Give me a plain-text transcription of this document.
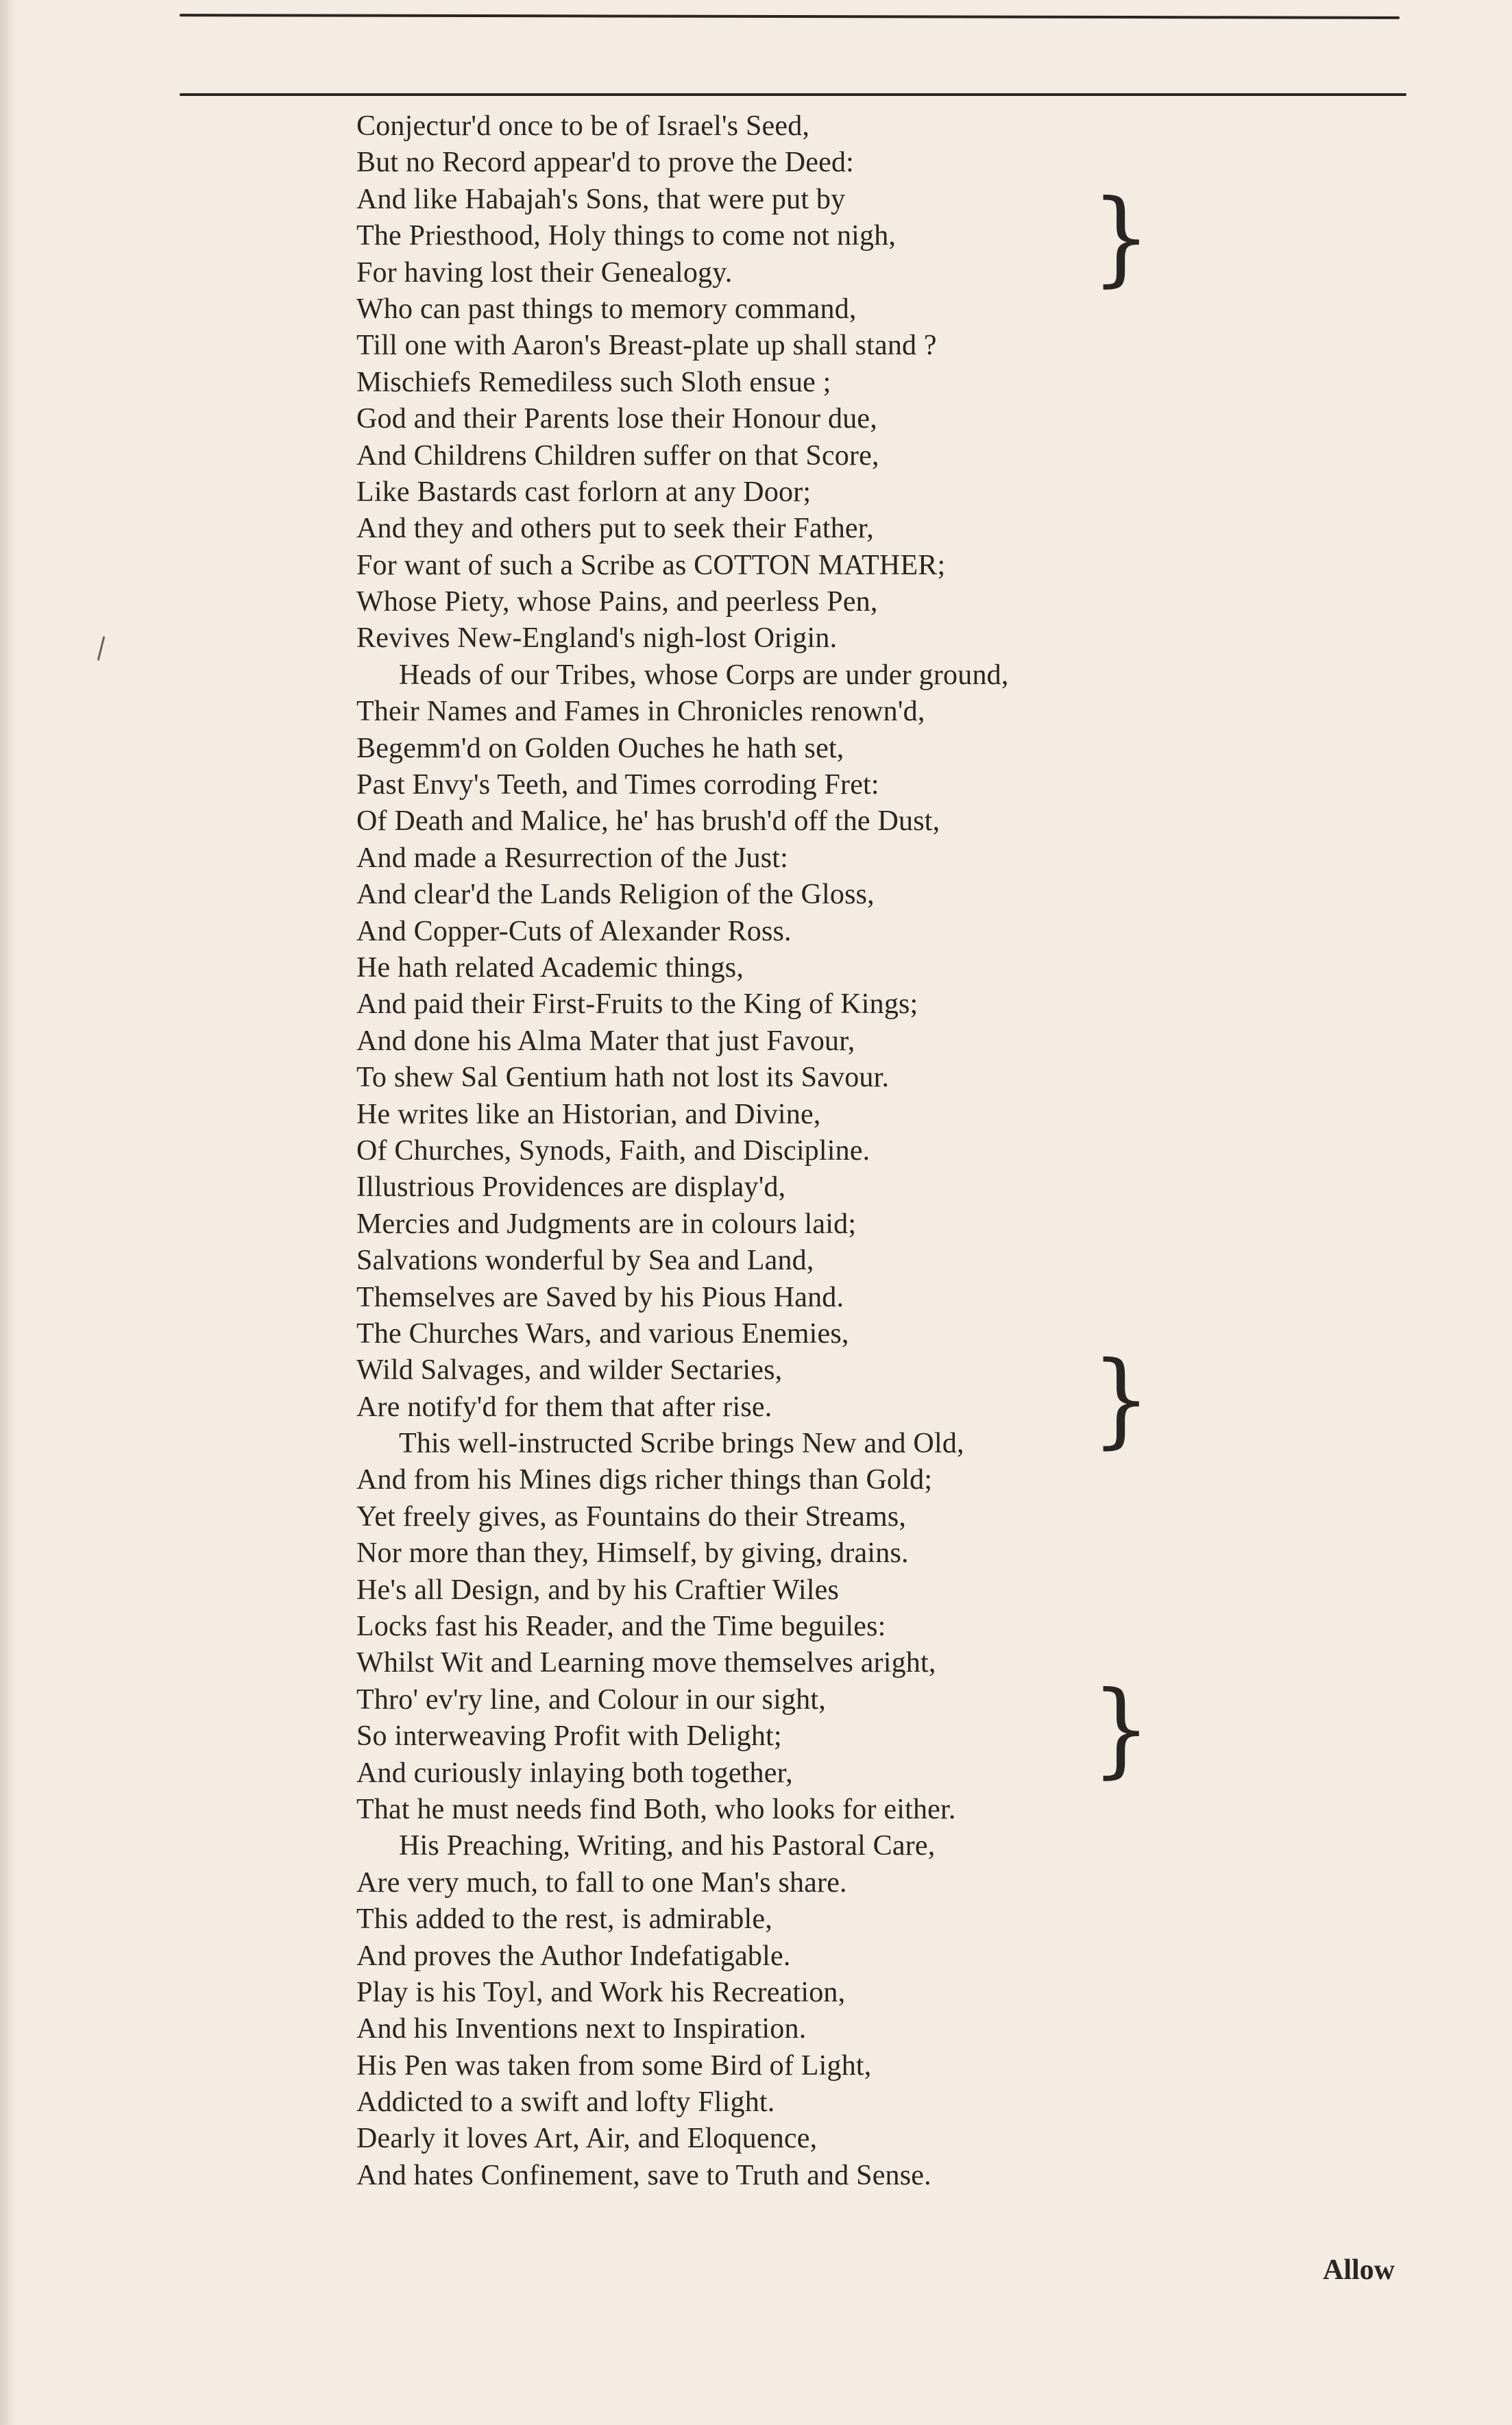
Conjectur'd once to be of Israel's Seed,
But no Record appear'd to prove the Deed:
And like Habajah's Sons, that were put by
The Priesthood, Holy things to come not nigh,
For having lost their Genealogy.
Who can past things to memory command,
Till one with Aaron's Breast-plate up shall stand ?
Mischiefs Remediless such Sloth ensue ;
God and their Parents lose their Honour due,
And Childrens Children suffer on that Score,
Like Bastards cast forlorn at any Door;
And they and others put to seek their Father,
For want of such a Scribe as COTTON MATHER;
Whose Piety, whose Pains, and peerless Pen,
Revives New-England's nigh-lost Origin.
Heads of our Tribes, whose Corps are under ground,
Their Names and Fames in Chronicles renown'd,
Begemm'd on Golden Ouches he hath set,
Past Envy's Teeth, and Times corroding Fret:
Of Death and Malice, he' has brush'd off the Dust,
And made a Resurrection of the Just:
And clear'd the Lands Religion of the Gloss,
And Copper-Cuts of Alexander Ross.
He hath related Academic things,
And paid their First-Fruits to the King of Kings;
And done his Alma Mater that just Favour,
To shew Sal Gentium hath not lost its Savour.
He writes like an Historian, and Divine,
Of Churches, Synods, Faith, and Discipline.
Illustrious Providences are display'd,
Mercies and Judgments are in colours laid;
Salvations wonderful by Sea and Land,
Themselves are Saved by his Pious Hand.
The Churches Wars, and various Enemies,
Wild Salvages, and wilder Sectaries,
Are notify'd for them that after rise.
This well-instructed Scribe brings New and Old,
And from his Mines digs richer things than Gold;
Yet freely gives, as Fountains do their Streams,
Nor more than they, Himself, by giving, drains.
He's all Design, and by his Craftier Wiles
Locks fast his Reader, and the Time beguiles:
Whilst Wit and Learning move themselves aright,
Thro' ev'ry line, and Colour in our sight,
So interweaving Profit with Delight;
And curiously inlaying both together,
That he must needs find Both, who looks for either.
His Preaching, Writing, and his Pastoral Care,
Are very much, to fall to one Man's share.
This added to the rest, is admirable,
And proves the Author Indefatigable.
Play is his Toyl, and Work his Recreation,
And his Inventions next to Inspiration.
His Pen was taken from some Bird of Light,
Addicted to a swift and lofty Flight.
Dearly it loves Art, Air, and Eloquence,
And hates Confinement, save to Truth and Sense.
}
}
}
Allow
